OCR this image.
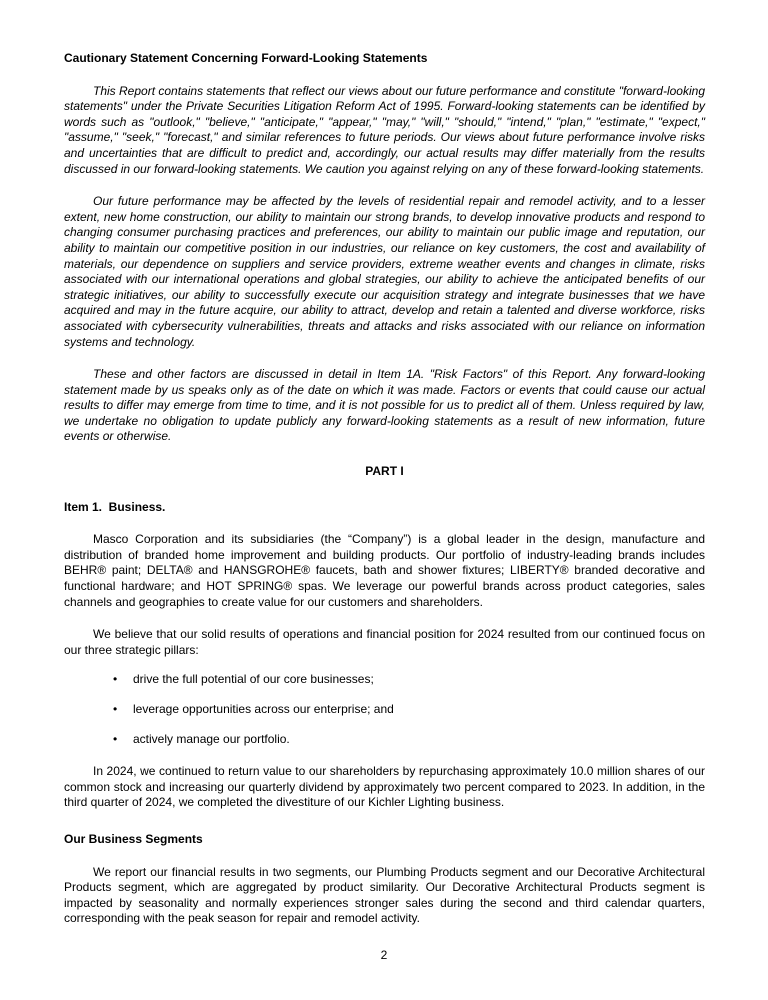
Cautionary Statement Concerning Forward-Looking Statements

This Report contains statements that reflect our views about our future performance and constitute "forward-looking statements" under the Private Securities Litigation Reform Act of 1995. Forward-looking statements can be identified by words such as "outlook," "believe," "anticipate," "appear," "may," "will," "should," "intend," "plan," "estimate," "expect," "assume," "seek," "forecast," and similar references to future periods. Our views about future performance involve risks and uncertainties that are difficult to predict and, accordingly, our actual results may differ materially from the results discussed in our forward-looking statements. We caution you against relying on any of these forward-looking statements.

Our future performance may be affected by the levels of residential repair and remodel activity, and to a lesser extent, new home construction, our ability to maintain our strong brands, to develop innovative products and respond to changing consumer purchasing practices and preferences, our ability to maintain our public image and reputation, our ability to maintain our competitive position in our industries, our reliance on key customers, the cost and availability of materials, our dependence on suppliers and service providers, extreme weather events and changes in climate, risks associated with our international operations and global strategies, our ability to achieve the anticipated benefits of our strategic initiatives, our ability to successfully execute our acquisition strategy and integrate businesses that we have acquired and may in the future acquire, our ability to attract, develop and retain a talented and diverse workforce, risks associated with cybersecurity vulnerabilities, threats and attacks and risks associated with our reliance on information systems and technology.

These and other factors are discussed in detail in Item 1A. "Risk Factors" of this Report. Any forward-looking statement made by us speaks only as of the date on which it was made. Factors or events that could cause our actual results to differ may emerge from time to time, and it is not possible for us to predict all of them. Unless required by law, we undertake no obligation to update publicly any forward-looking statements as a result of new information, future events or otherwise.

PART I
Item 1.  Business.

Masco Corporation and its subsidiaries (the “Company”) is a global leader in the design, manufacture and distribution of branded home improvement and building products. Our portfolio of industry-leading brands includes BEHR® paint; DELTA® and HANSGROHE® faucets, bath and shower fixtures; LIBERTY® branded decorative and functional hardware; and HOT SPRING® spas. We leverage our powerful brands across product categories, sales channels and geographies to create value for our customers and shareholders.

We believe that our solid results of operations and financial position for 2024 resulted from our continued focus on our three strategic pillars:

•	drive the full potential of our core businesses;
•	leverage opportunities across our enterprise; and
•	actively manage our portfolio.

In 2024, we continued to return value to our shareholders by repurchasing approximately 10.0 million shares of our common stock and increasing our quarterly dividend by approximately two percent compared to 2023. In addition, in the third quarter of 2024, we completed the divestiture of our Kichler Lighting business.

Our Business Segments

We report our financial results in two segments, our Plumbing Products segment and our Decorative Architectural Products segment, which are aggregated by product similarity. Our Decorative Architectural Products segment is impacted by seasonality and normally experiences stronger sales during the second and third calendar quarters, corresponding with the peak season for repair and remodel activity.

2
